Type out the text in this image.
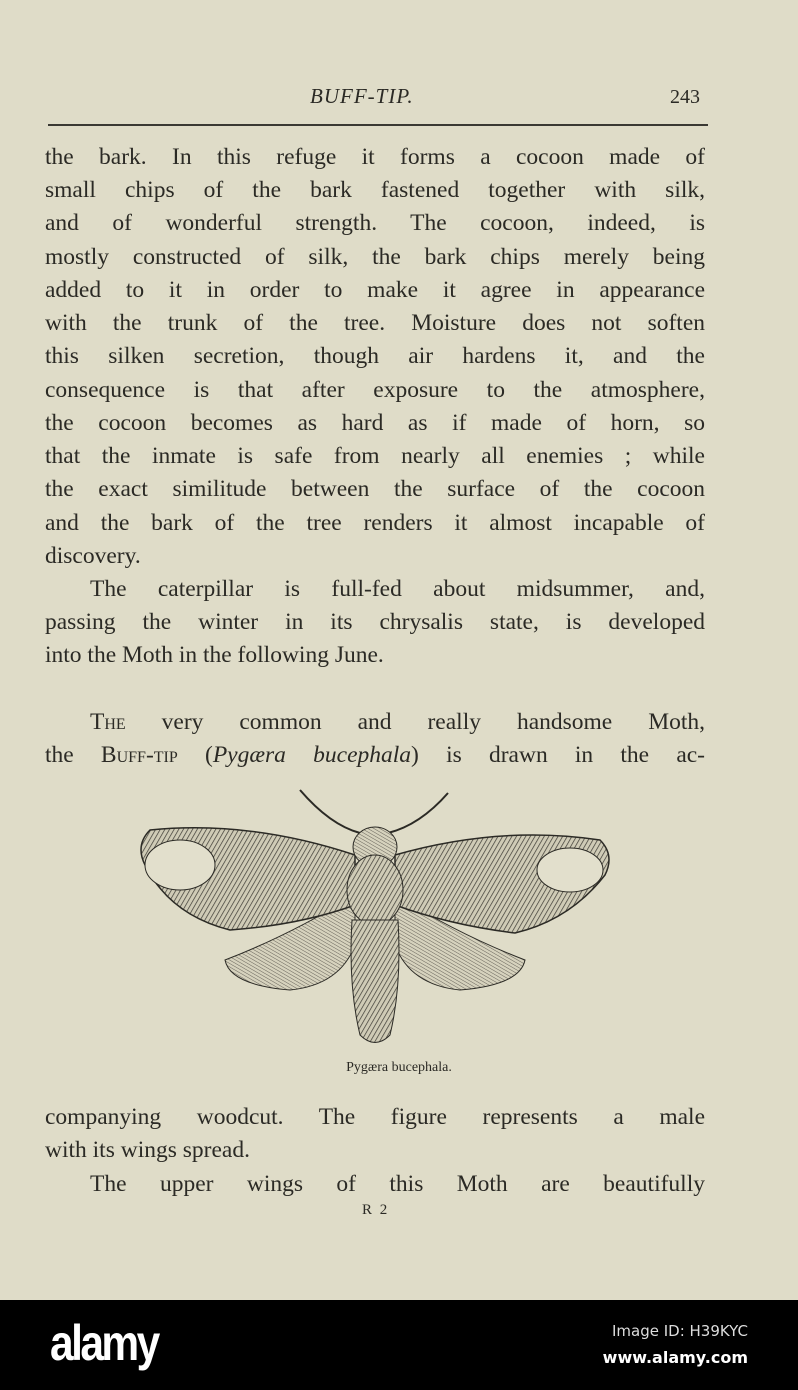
BUFF-TIP.	243
The very common and really handsome Moth,
the Buff-tip (Pygæra bucephala) is drawn in the ac-
Pygæra bucephala.
R 2
the bark. In this refuge it forms a cocoon made of
small chips of the bark fastened together with silk,
and of wonderful strength. The cocoon, indeed, is
mostly constructed of silk, the bark chips merely being
added to it in order to make it agree in appearance
with the trunk of the tree. Moisture does not soften
this silken secretion, though air hardens it, and the
consequence is that after exposure to the atmosphere,
the cocoon becomes as hard as if made of horn, so
that the inmate is safe from nearly all enemies ; while
the exact similitude between the surface of the cocoon
and the bark of the tree renders it almost incapable of
discovery.
The caterpillar is full-fed about midsummer, and,
passing the winter in its chrysalis state, is developed
into the Moth in the following June.
companying woodcut. The figure represents a male
with its wings spread.
The upper wings of this Moth are beautifully
alamy	Image ID: H39KYC
www.alamy.com
